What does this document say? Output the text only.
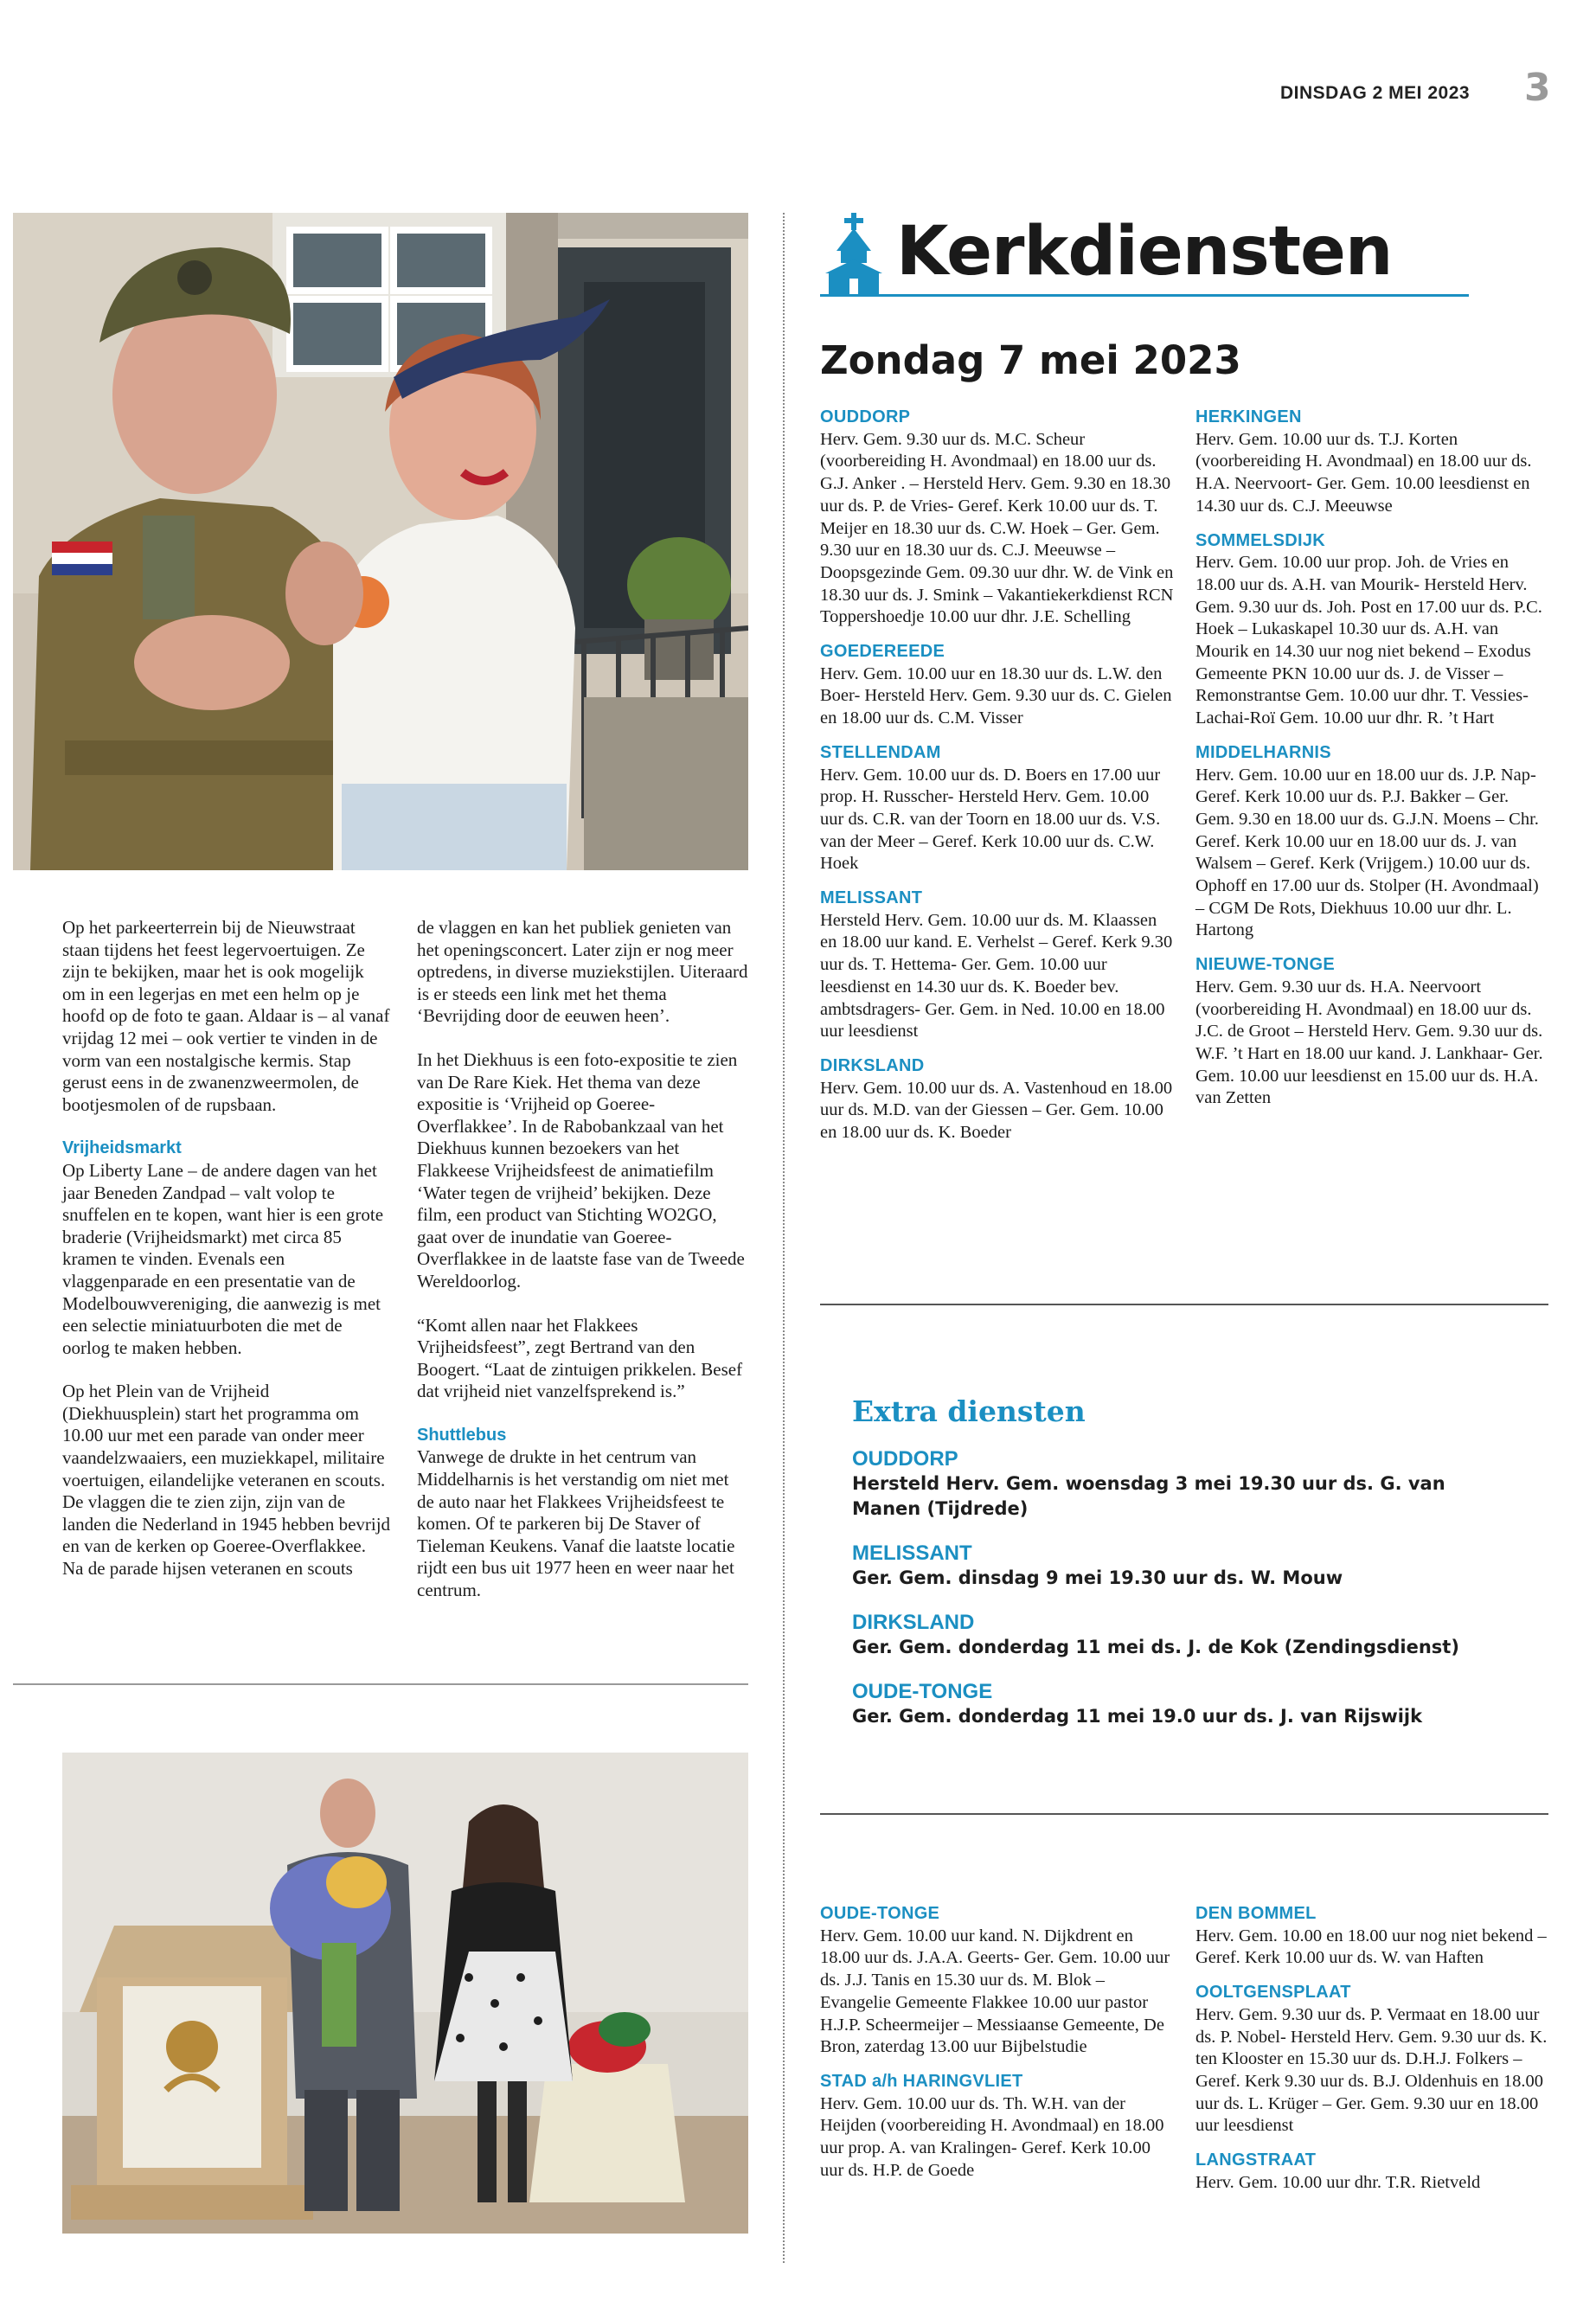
DINSDAG 2 MEI 2023 3

Op het parkeerterrein bij de Nieuwstraat staan tijdens het feest legervoertuigen. Ze zijn te bekijken, maar het is ook mogelijk om in een legerjas en met een helm op je hoofd op de foto te gaan. Aldaar is – al vanaf vrijdag 12 mei – ook vertier te vinden in de vorm van een nostalgische kermis. Stap gerust eens in de zwanenzweermolen, de bootjesmolen of de rupsbaan.

Vrijheidsmarkt
Op Liberty Lane – de andere dagen van het jaar Beneden Zandpad – valt volop te snuffelen en te kopen, want hier is een grote braderie (Vrijheidsmarkt) met circa 85 kramen te vinden. Evenals een vlaggenparade en een presentatie van de Modelbouwvereniging, die aanwezig is met een selectie miniatuurboten die met de oorlog te maken hebben.

Op het Plein van de Vrijheid (Diekhuusplein) start het programma om 10.00 uur met een parade van onder meer vaandelzwaaiers, een muziekkapel, militaire voertuigen, eilandelijke veteranen en scouts. De vlaggen die te zien zijn, zijn van de landen die Nederland in 1945 hebben bevrijd en van de kerken op Goeree-Overflakkee. Na de parade hijsen veteranen en scouts

de vlaggen en kan het publiek genieten van het openingsconcert. Later zijn er nog meer optredens, in diverse muziekstijlen. Uiteraard is er steeds een link met het thema ‘Bevrijding door de eeuwen heen’.

In het Diekhuus is een foto-expositie te zien van De Rare Kiek. Het thema van deze expositie is ‘Vrijheid op Goeree-Overflakkee’. In de Rabobankzaal van het Diekhuus kunnen bezoekers van het Flakkeese Vrijheidsfeest de animatiefilm ‘Water tegen de vrijheid’ bekijken. Deze film, een product van Stichting WO2GO, gaat over de inundatie van Goeree-Overflakkee in de laatste fase van de Tweede Wereldoorlog.

“Komt allen naar het Flakkees Vrijheidsfeest”, zegt Bertrand van den Boogert. “Laat de zintuigen prikkelen. Besef dat vrijheid niet vanzelfsprekend is.”

Shuttlebus
Vanwege de drukte in het centrum van Middelharnis is het verstandig om niet met de auto naar het Flakkees Vrijheidsfeest te komen. Of te parkeren bij De Staver of Tieleman Keukens. Vanaf die laatste locatie rijdt een bus uit 1977 heen en weer naar het centrum.

Kerkdiensten
Zondag 7 mei 2023
OUDDORP
Herv. Gem. 9.30 uur ds. M.C. Scheur (voorbereiding H. Avondmaal) en 18.00 uur ds. G.J. Anker . – Hersteld Herv. Gem. 9.30 en 18.30 uur ds. P. de Vries- Geref. Kerk 10.00 uur ds. T. Meijer en 18.30 uur ds. C.W. Hoek – Ger. Gem. 9.30 uur en 18.30 uur ds. C.J. Meeuwse – Doopsgezinde Gem. 09.30 uur dhr. W. de Vink en 18.30 uur ds. J. Smink – Vakantiekerkdienst RCN Toppershoedje 10.00 uur dhr. J.E. Schelling
GOEDEREEDE
Herv. Gem. 10.00 uur en 18.30 uur ds. L.W. den Boer- Hersteld Herv. Gem. 9.30 uur ds. C. Gielen en 18.00 uur ds. C.M. Visser
STELLENDAM
Herv. Gem. 10.00 uur ds. D. Boers en 17.00 uur prop. H. Russcher- Hersteld Herv. Gem. 10.00 uur ds. C.R. van der Toorn en 18.00 uur ds. V.S. van der Meer – Geref. Kerk 10.00 uur ds. C.W. Hoek
MELISSANT
Hersteld Herv. Gem. 10.00 uur ds. M. Klaassen en 18.00 uur kand. E. Verhelst – Geref. Kerk 9.30 uur ds. T. Hettema- Ger. Gem. 10.00 uur leesdienst en 14.30 uur ds. K. Boeder bev. ambtsdragers- Ger. Gem. in Ned. 10.00 en 18.00 uur leesdienst
DIRKSLAND
Herv. Gem. 10.00 uur ds. A. Vastenhoud en 18.00 uur ds. M.D. van der Giessen – Ger. Gem. 10.00 en 18.00 uur ds. K. Boeder
HERKINGEN
Herv. Gem. 10.00 uur ds. T.J. Korten (voorbereiding H. Avondmaal) en 18.00 uur ds. H.A. Neervoort- Ger. Gem. 10.00 leesdienst en 14.30 uur ds. C.J. Meeuwse
SOMMELSDIJK
Herv. Gem. 10.00 uur prop. Joh. de Vries en 18.00 uur ds. A.H. van Mourik- Hersteld Herv. Gem. 9.30 uur ds. Joh. Post en 17.00 uur ds. P.C. Hoek – Lukaskapel 10.30 uur ds. A.H. van Mourik en 14.30 uur nog niet bekend – Exodus Gemeente PKN 10.00 uur ds. J. de Visser – Remonstrantse Gem. 10.00 uur dhr. T. Vessies- Lachai-Roï Gem. 10.00 uur dhr. R. ’t Hart
MIDDELHARNIS
Herv. Gem. 10.00 uur en 18.00 uur ds. J.P. Nap- Geref. Kerk 10.00 uur ds. P.J. Bakker – Ger. Gem. 9.30 en 18.00 uur ds. G.J.N. Moens – Chr. Geref. Kerk 10.00 uur en 18.00 uur ds. J. van Walsem – Geref. Kerk (Vrijgem.) 10.00 uur ds. Ophoff en 17.00 uur ds. Stolper (H. Avondmaal) – CGM De Rots, Diekhuus 10.00 uur dhr. L. Hartong
NIEUWE-TONGE
Herv. Gem. 9.30 uur ds. H.A. Neervoort (voorbereiding H. Avondmaal) en 18.00 uur ds. J.C. de Groot – Hersteld Herv. Gem. 9.30 uur ds. W.F. ’t Hart en 18.00 uur kand. J. Lankhaar- Ger. Gem. 10.00 uur leesdienst en 15.00 uur ds. H.A. van Zetten
Extra diensten
OUDDORP
Hersteld Herv. Gem. woensdag 3 mei 19.30 uur ds. G. van Manen (Tijdrede)
MELISSANT
Ger. Gem. dinsdag 9 mei 19.30 uur ds. W. Mouw
DIRKSLAND
Ger. Gem. donderdag 11 mei ds. J. de Kok (Zendingsdienst)
OUDE-TONGE
Ger. Gem. donderdag 11 mei 19.0 uur ds. J. van Rijswijk
OUDE-TONGE
Herv. Gem. 10.00 uur kand. N. Dijkdrent en 18.00 uur ds. J.A.A. Geerts- Ger. Gem. 10.00 uur ds. J.J. Tanis en 15.30 uur ds. M. Blok – Evangelie Gemeente Flakkee 10.00 uur pastor H.J.P. Scheermeijer – Messiaanse Gemeente, De Bron, zaterdag 13.00 uur Bijbelstudie
STAD a/h HARINGVLIET
Herv. Gem. 10.00 uur ds. Th. W.H. van der Heijden (voorbereiding H. Avondmaal) en 18.00 uur prop. A. van Kralingen- Geref. Kerk 10.00 uur ds. H.P. de Goede
DEN BOMMEL
Herv. Gem. 10.00 en 18.00 uur nog niet bekend – Geref. Kerk 10.00 uur ds. W. van Haften
OOLTGENSPLAAT
Herv. Gem. 9.30 uur ds. P. Vermaat en 18.00 uur ds. P. Nobel- Hersteld Herv. Gem. 9.30 uur ds. K. ten Klooster en 15.30 uur ds. D.H.J. Folkers – Geref. Kerk 9.30 uur ds. B.J. Oldenhuis en 18.00 uur ds. L. Krüger – Ger. Gem. 9.30 uur en 18.00 uur leesdienst
LANGSTRAAT
Herv. Gem. 10.00 uur dhr. T.R. Rietveld
